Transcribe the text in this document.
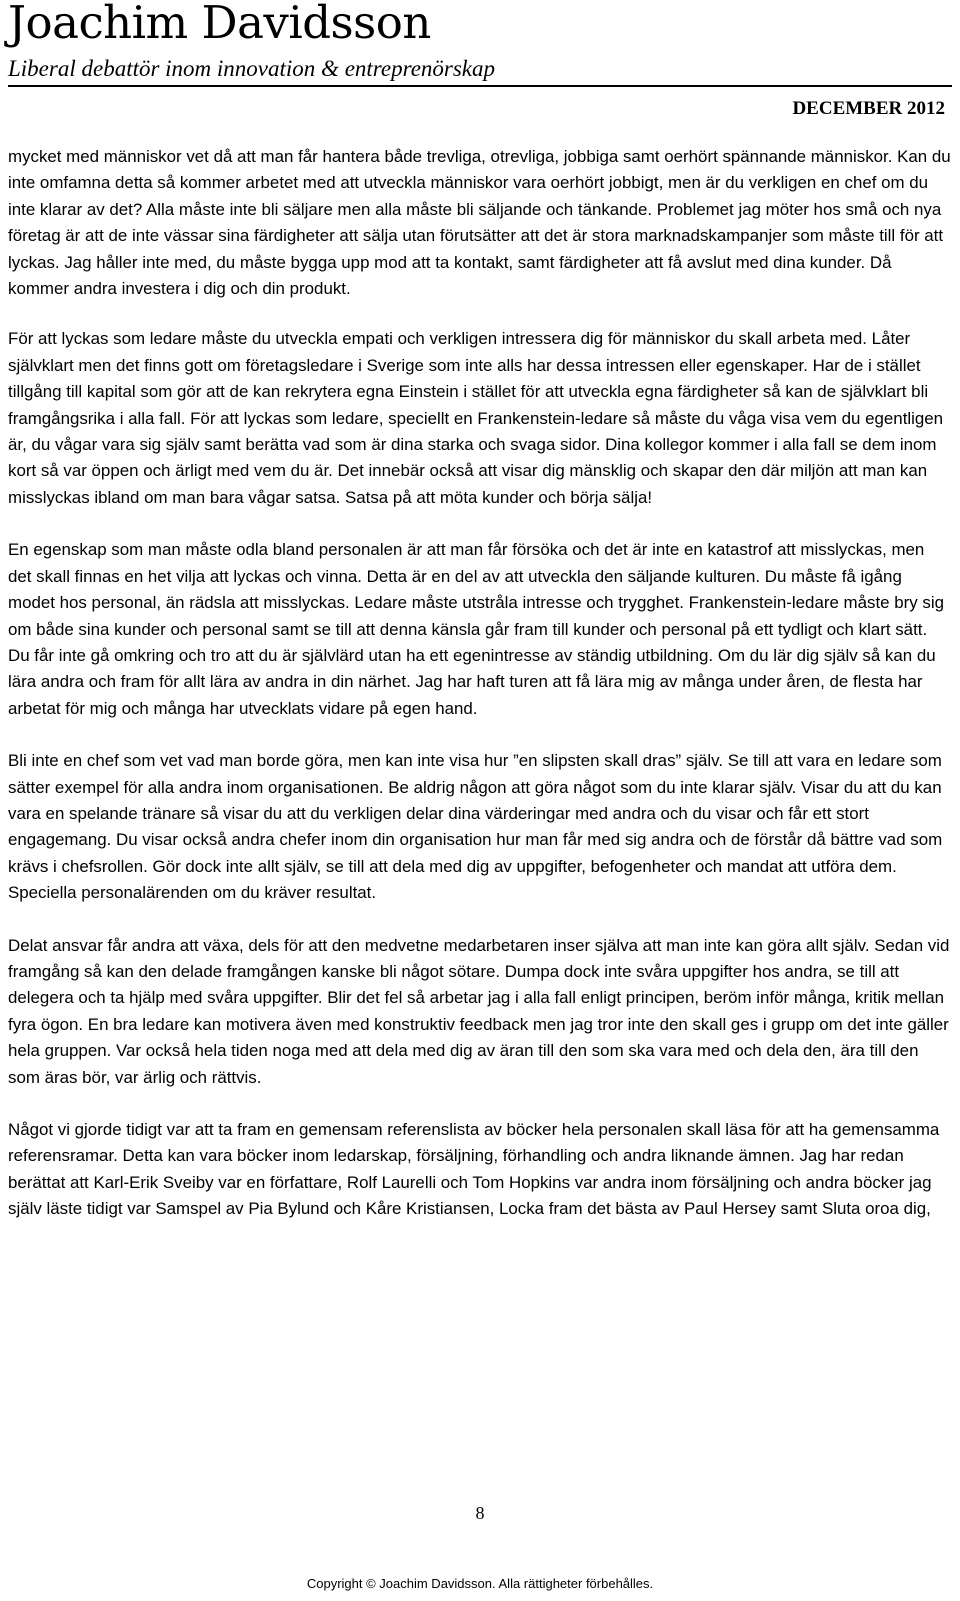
Joachim Davidsson
Liberal debattör inom innovation & entreprenörskap
DECEMBER 2012

mycket med människor vet då att man får hantera både trevliga, otrevliga, jobbiga samt oerhört spännande människor. Kan du inte omfamna detta så kommer arbetet med att utveckla människor vara oerhört jobbigt, men är du verkligen en chef om du inte klarar av det? Alla måste inte bli säljare men alla måste bli säljande och tänkande. Problemet jag möter hos små och nya företag är att de inte vässar sina färdigheter att sälja utan förutsätter att det är stora marknadskampanjer som måste till för att lyckas. Jag håller inte med, du måste bygga upp mod att ta kontakt, samt färdigheter att få avslut med dina kunder. Då kommer andra investera i dig och din produkt.

För att lyckas som ledare måste du utveckla empati och verkligen intressera dig för människor du skall arbeta med. Låter självklart men det finns gott om företagsledare i Sverige som inte alls har dessa intressen eller egenskaper. Har de i stället tillgång till kapital som gör att de kan rekrytera egna Einstein i stället för att utveckla egna färdigheter så kan de självklart bli framgångsrika i alla fall. För att lyckas som ledare, speciellt en Frankenstein-ledare så måste du våga visa vem du egentligen är, du vågar vara sig själv samt berätta vad som är dina starka och svaga sidor. Dina kollegor kommer i alla fall se dem inom kort så var öppen och ärligt med vem du är. Det innebär också att visar dig mänsklig och skapar den där miljön att man kan misslyckas ibland om man bara vågar satsa. Satsa på att möta kunder och börja sälja!

En egenskap som man måste odla bland personalen är att man får försöka och det är inte en katastrof att misslyckas, men det skall finnas en het vilja att lyckas och vinna. Detta är en del av att utveckla den säljande kulturen. Du måste få igång modet hos personal, än rädsla att misslyckas. Ledare måste utstråla intresse och trygghet. Frankenstein-ledare måste bry sig om både sina kunder och personal samt se till att denna känsla går fram till kunder och personal på ett tydligt och klart sätt. Du får inte gå omkring och tro att du är självlärd utan ha ett egenintresse av ständig utbildning. Om du lär dig själv så kan du lära andra och fram för allt lära av andra in din närhet. Jag har haft turen att få lära mig av många under åren, de flesta har arbetat för mig och många har utvecklats vidare på egen hand.

Bli inte en chef som vet vad man borde göra, men kan inte visa hur ”en slipsten skall dras” själv. Se till att vara en ledare som sätter exempel för alla andra inom organisationen. Be aldrig någon att göra något som du inte klarar själv. Visar du att du kan vara en spelande tränare så visar du att du verkligen delar dina värderingar med andra och du visar och får ett stort engagemang. Du visar också andra chefer inom din organisation hur man får med sig andra och de förstår då bättre vad som krävs i chefsrollen. Gör dock inte allt själv, se till att dela med dig av uppgifter, befogenheter och mandat att utföra dem. Speciella personalärenden om du kräver resultat.

Delat ansvar får andra att växa, dels för att den medvetne medarbetaren inser själva att man inte kan göra allt själv. Sedan vid framgång så kan den delade framgången kanske bli något sötare. Dumpa dock inte svåra uppgifter hos andra, se till att delegera och ta hjälp med svåra uppgifter. Blir det fel så arbetar jag i alla fall enligt principen, beröm inför många, kritik mellan fyra ögon. En bra ledare kan motivera även med konstruktiv feedback men jag tror inte den skall ges i grupp om det inte gäller hela gruppen. Var också hela tiden noga med att dela med dig av äran till den som ska vara med och dela den, ära till den som äras bör, var ärlig och rättvis.

Något vi gjorde tidigt var att ta fram en gemensam referenslista av böcker hela personalen skall läsa för att ha gemensamma referensramar. Detta kan vara böcker inom ledarskap, försäljning, förhandling och andra liknande ämnen. Jag har redan berättat att Karl-Erik Sveiby var en författare, Rolf Laurelli och Tom Hopkins var andra inom försäljning och andra böcker jag själv läste tidigt var Samspel av Pia Bylund och Kåre Kristiansen, Locka fram det bästa av Paul Hersey samt Sluta oroa dig,

8
Copyright © Joachim Davidsson. Alla rättigheter förbehålles.
